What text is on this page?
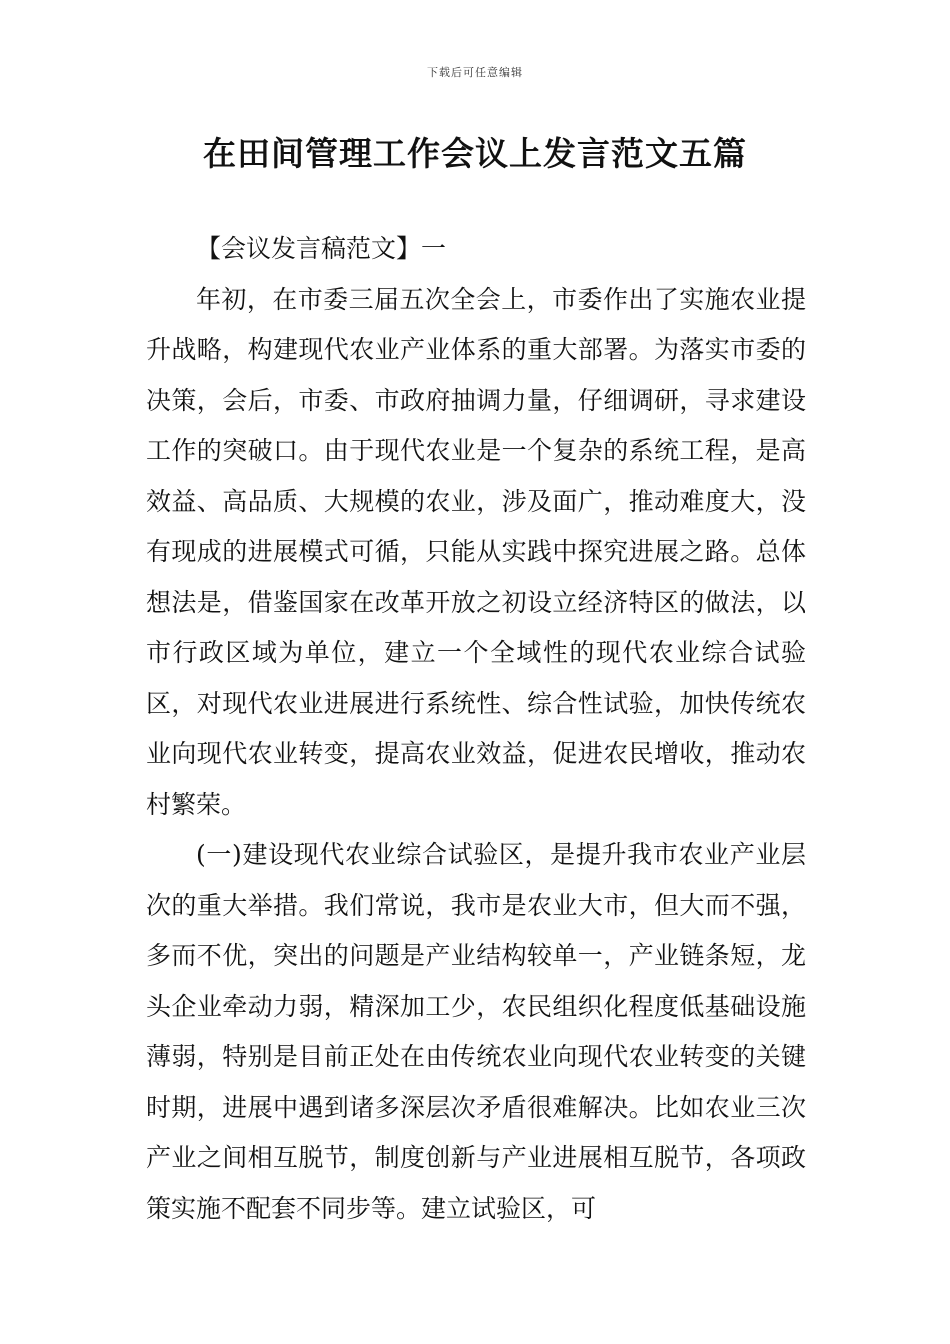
下载后可任意编辑
在田间管理工作会议上发言范文五篇

【会议发言稿范文】一

年初，在市委三届五次全会上，市委作出了实施农业提升战略，构建现代农业产业体系的重大部署。为落实市委的决策，会后，市委、市政府抽调力量，仔细调研，寻求建设工作的突破口。由于现代农业是一个复杂的系统工程，是高效益、高品质、大规模的农业，涉及面广，推动难度大，没有现成的进展模式可循，只能从实践中探究进展之路。总体想法是，借鉴国家在改革开放之初设立经济特区的做法，以市行政区域为单位，建立一个全域性的现代农业综合试验区，对现代农业进展进行系统性、综合性试验，加快传统农业向现代农业转变，提高农业效益，促进农民增收，推动农村繁荣。

(一)建设现代农业综合试验区，是提升我市农业产业层次的重大举措。我们常说，我市是农业大市，但大而不强，多而不优，突出的问题是产业结构较单一，产业链条短，龙头企业牵动力弱，精深加工少，农民组织化程度低基础设施薄弱，特别是目前正处在由传统农业向现代农业转变的关键时期，进展中遇到诸多深层次矛盾很难解决。比如农业三次产业之间相互脱节，制度创新与产业进展相互脱节，各项政策实施不配套不同步等。建立试验区，可
